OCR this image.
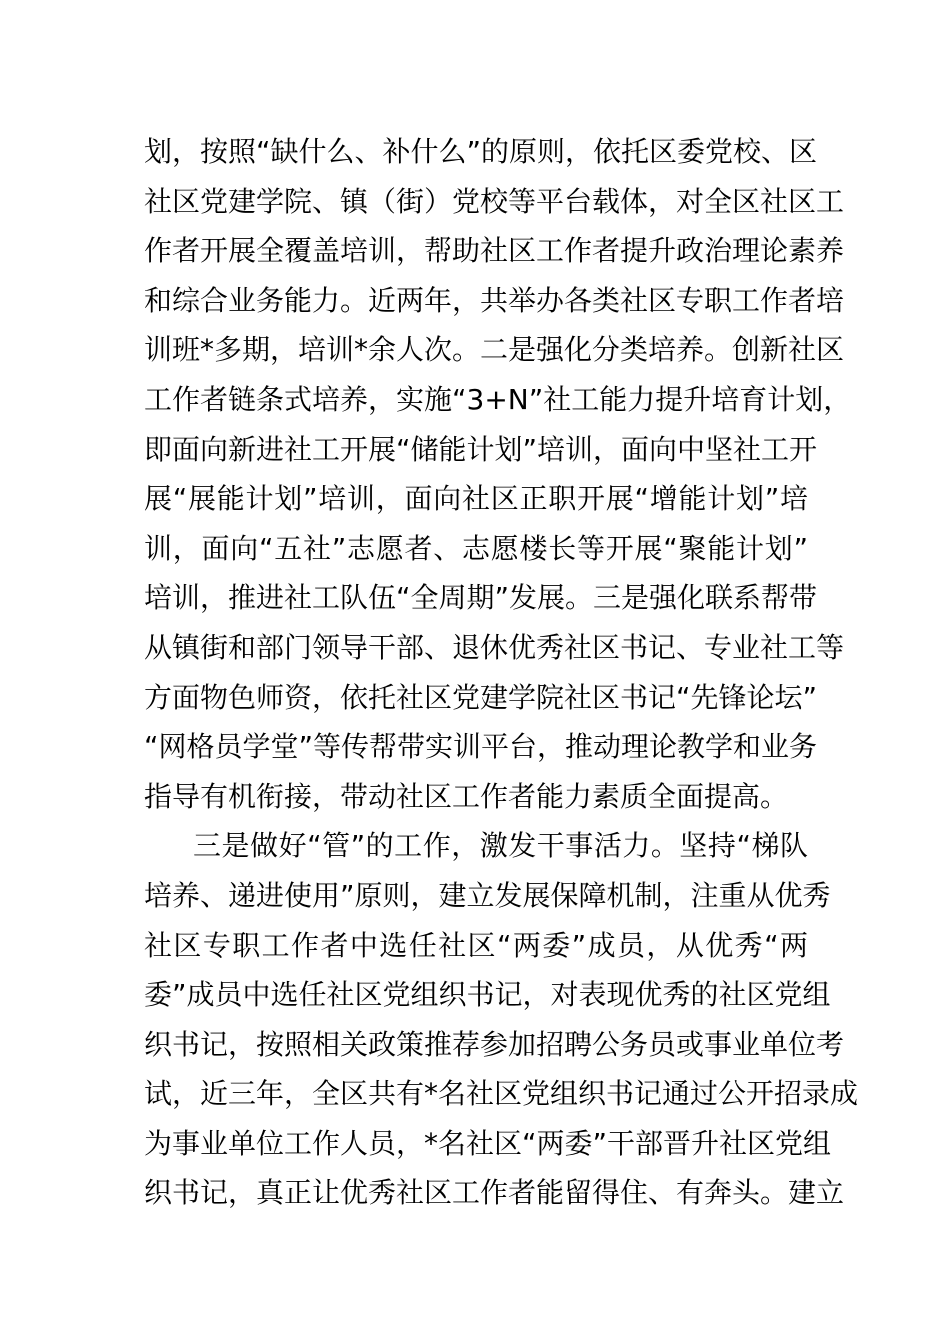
划，按照“缺什么、补什么”的原则，依托区委党校、区
社区党建学院、镇（街）党校等平台载体，对全区社区工
作者开展全覆盖培训，帮助社区工作者提升政治理论素养
和综合业务能力。近两年，共举办各类社区专职工作者培
训班*多期，培训*余人次。二是强化分类培养。创新社区
工作者链条式培养，实施“3+N”社工能力提升培育计划，
即面向新进社工开展“储能计划”培训，面向中坚社工开
展“展能计划”培训，面向社区正职开展“增能计划”培
训，面向“五社”志愿者、志愿楼长等开展“聚能计划”
培训，推进社工队伍“全周期”发展。三是强化联系帮带
从镇街和部门领导干部、退休优秀社区书记、专业社工等
方面物色师资，依托社区党建学院社区书记“先锋论坛”
“网格员学堂”等传帮带实训平台，推动理论教学和业务
指导有机衔接，带动社区工作者能力素质全面提高。
三是做好“管”的工作，激发干事活力。坚持“梯队
培养、递进使用”原则，建立发展保障机制，注重从优秀
社区专职工作者中选任社区“两委”成员，从优秀“两
委”成员中选任社区党组织书记，对表现优秀的社区党组
织书记，按照相关政策推荐参加招聘公务员或事业单位考
试，近三年，全区共有*名社区党组织书记通过公开招录成
为事业单位工作人员，*名社区“两委”干部晋升社区党组
织书记，真正让优秀社区工作者能留得住、有奔头。建立
